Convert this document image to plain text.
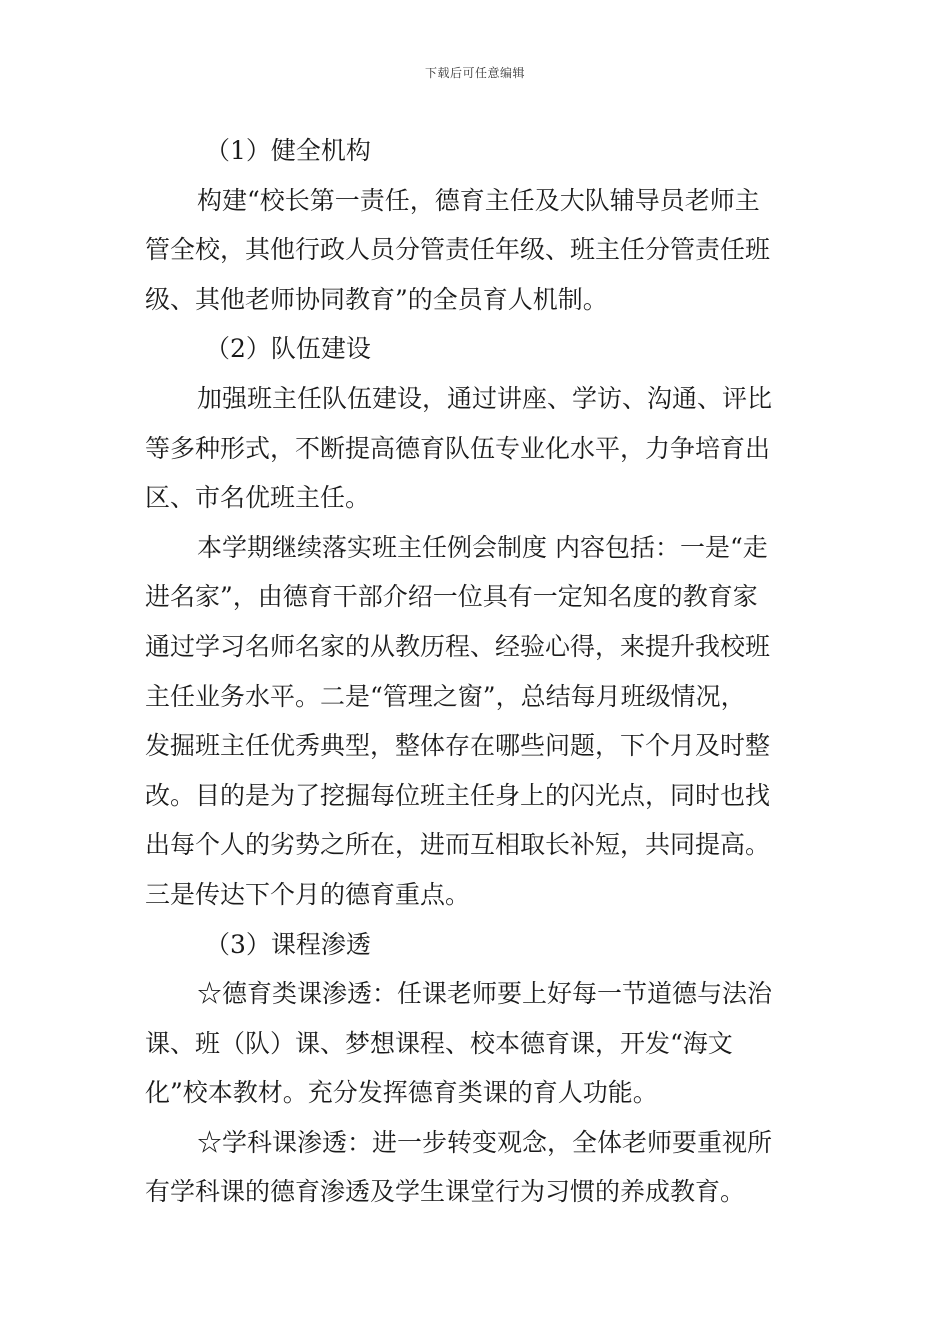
下载后可任意编辑
（1）健全机构
构建“校长第一责任，德育主任及大队辅导员老师主
管全校，其他行政人员分管责任年级、班主任分管责任班
级、其他老师协同教育”的全员育人机制。
（2）队伍建设
加强班主任队伍建设，通过讲座、学访、沟通、评比
等多种形式，不断提高德育队伍专业化水平，力争培育出
区、市名优班主任。
本学期继续落实班主任例会制度 内容包括：一是“走
进名家”，由德育干部介绍一位具有一定知名度的教育家
通过学习名师名家的从教历程、经验心得，来提升我校班
主任业务水平。二是“管理之窗”，总结每月班级情况，
发掘班主任优秀典型，整体存在哪些问题，下个月及时整
改。目的是为了挖掘每位班主任身上的闪光点，同时也找
出每个人的劣势之所在，进而互相取长补短，共同提高。
三是传达下个月的德育重点。
（3）课程渗透
☆德育类课渗透：任课老师要上好每一节道德与法治
课、班（队）课、梦想课程、校本德育课，开发“海文
化”校本教材。充分发挥德育类课的育人功能。
☆学科课渗透：进一步转变观念，全体老师要重视所
有学科课的德育渗透及学生课堂行为习惯的养成教育。
